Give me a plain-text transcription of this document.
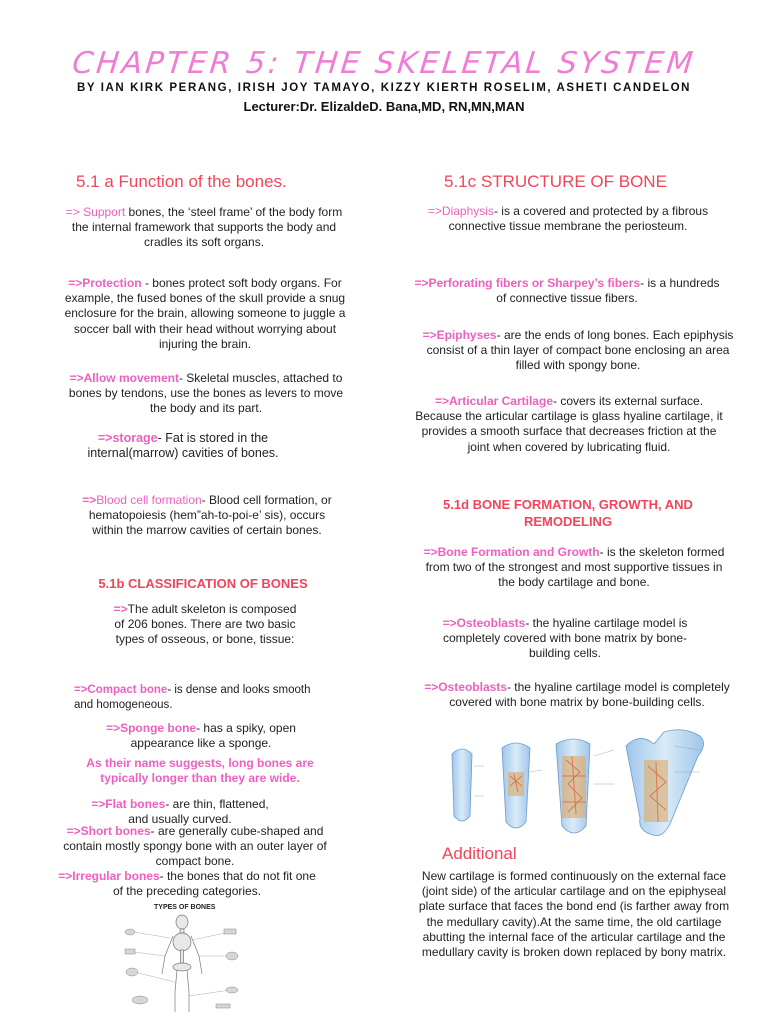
CHAPTER 5: THE SKELETAL SYSTEM
BY IAN KIRK PERANG, IRISH JOY TAMAYO, KIZZY KIERTH ROSELIM, ASHETI CANDELON
Lecturer:Dr. ElizaldeD. Bana,MD, RN,MN,MAN
5.1 a Function of the bones.
=> Support bones, the ‘steel frame’ of the body form the internal framework that supports the body and cradles its soft organs.
=>Protection - bones protect soft body organs. For example, the fused bones of the skull provide a snug enclosure for the brain, allowing someone to juggle a soccer ball with their head without worrying about injuring the brain.
=>Allow movement- Skeletal muscles, attached to bones by tendons, use the bones as levers to move the body and its part.
=>storage- Fat is stored in the internal(marrow) cavities of bones.
=>Blood cell formation- Blood cell formation, or hematopoiesis (hem”ah-to-poi-e’ sis), occurs within the marrow cavities of certain bones.
5.1b CLASSIFICATION OF BONES
=>The adult skeleton is composed of 206 bones. There are two basic types of osseous, or bone, tissue:
=>Compact bone- is dense and looks smooth and homogeneous.
=>Sponge bone- has a spiky, open appearance like a sponge.
As their name suggests, long bones are typically longer than they are wide.
=>Flat bones- are thin, flattened, and usually curved.
=>Short bones- are generally cube-shaped and contain mostly spongy bone with an outer layer of compact bone.
=>Irregular bones- the bones that do not fit one of the preceding categories.
TYPES OF BONES
5.1c STRUCTURE OF BONE
=>Diaphysis- is a covered and protected by a fibrous connective tissue membrane the periosteum.
=>Perforating fibers or Sharpey’s fibers- is a hundreds of connective tissue fibers.
=>Epiphyses- are the ends of long bones. Each epiphysis consist of a thin layer of compact bone enclosing an area filled with spongy bone.
=>Articular Cartilage- covers its external surface. Because the articular cartilage is glass hyaline cartilage, it provides a smooth surface that decreases friction at the joint when covered by lubricating fluid.
5.1d BONE FORMATION, GROWTH, AND REMODELING
=>Bone Formation and Growth- is the skeleton formed from two of the strongest and most supportive tissues in the body cartilage and bone.
=>Osteoblasts- the hyaline cartilage model is completely covered with bone matrix by bone-building cells.
=>Osteoblasts- the hyaline cartilage model is completely covered with bone matrix by bone-building cells.
Additional
New cartilage is formed continuously on the external face (joint side) of the articular cartilage and on the epiphyseal plate surface that faces the bond end (is farther away from the medullary cavity).At the same time, the old cartilage abutting the internal face of the articular cartilage and the medullary cavity is broken down replaced by bony matrix.
